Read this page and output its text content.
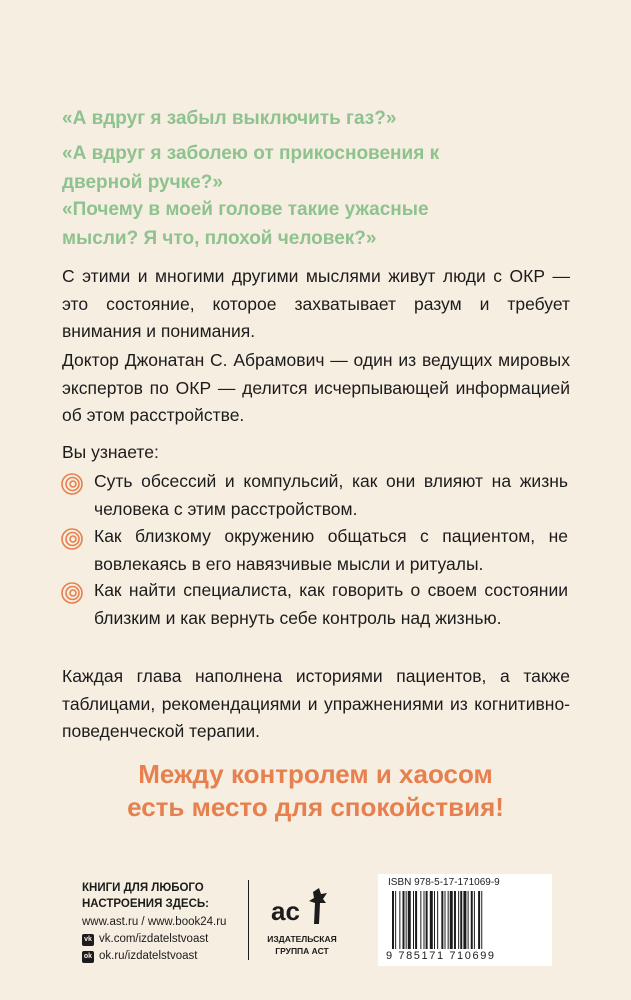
«А вдруг я забыл выключить газ?»

«А вдруг я заболею от прикосновения к дверной ручке?»

«Почему в моей голове такие ужасные мысли? Я что, плохой человек?»

С этими и многими другими мыслями живут люди с ОКР — это состояние, которое захватывает разум и требует внимания и понимания.

Доктор Джонатан С. Абрамович — один из ведущих мировых экспертов по ОКР — делится исчерпывающей информацией об этом расстройстве.

Вы узнаете:

Суть обсессий и компульсий, как они влияют на жизнь человека с этим расстройством.

Как близкому окружению общаться с пациентом, не вовлекаясь в его навязчивые мысли и ритуалы.

Как найти специалиста, как говорить о своем состоянии близким и как вернуть себе контроль над жизнью.

Каждая глава наполнена историями пациентов, а также таблицами, рекомендациями и упражнениями из когнитивно-поведенческой терапии.

Между контролем и хаосом

есть место для спокойствия!

КНИГИ ДЛЯ ЛЮБОГО
НАСТРОЕНИЯ ЗДЕСЬ:
www.ast.ru / www.book24.ru
vk vk.com/izdatelstvoast
ok ok.ru/izdatelstvoast
ас
ИЗДАТЕЛЬСКАЯ
ГРУППА АСТ
ISBN 978-5-17-171069-9
9 785171 710699
